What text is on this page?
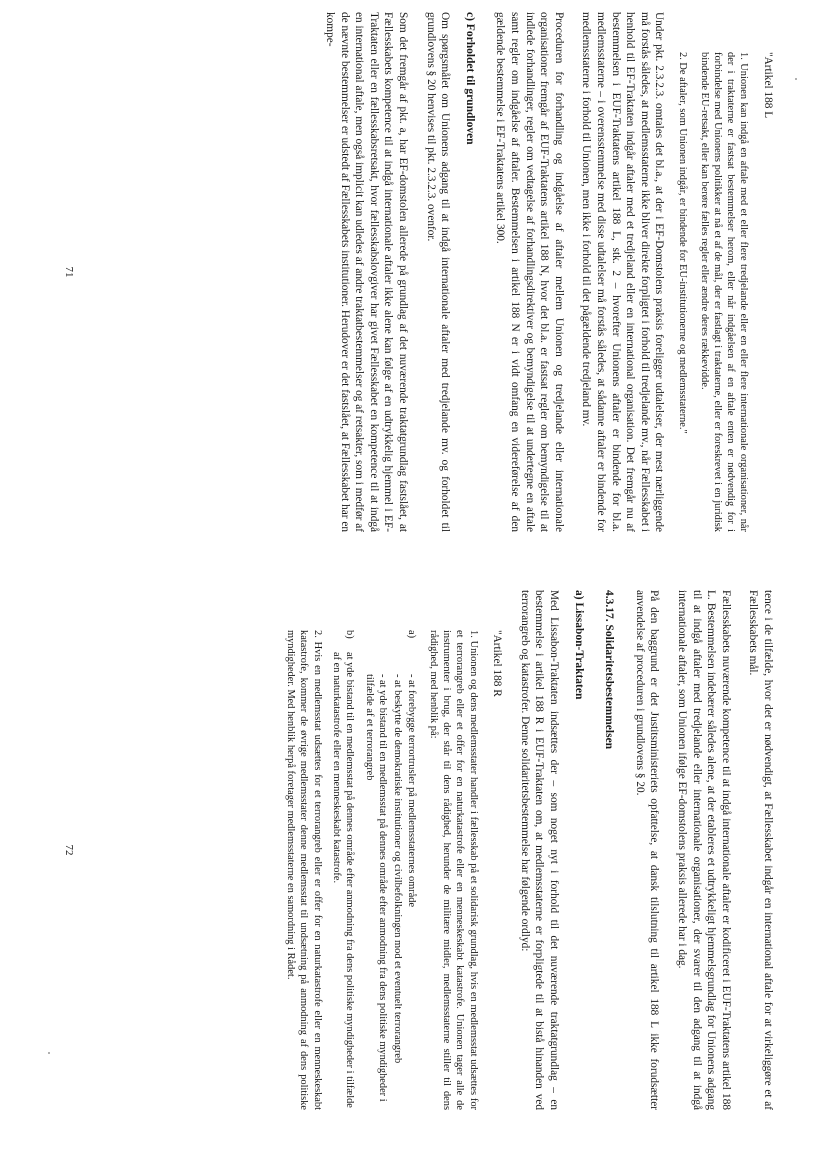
"Artikel 188 L

1. Unionen kan indgå en aftale med et eller flere tredjelande eller en eller flere internationale organisationer, når der i traktaterne er fastsat bestemmelser herom, eller når indgåelsen af en aftale enten er nødvendig for i forbindelse med Unionens politikker at nå et af de mål, der er fastlagt i traktaterne, eller er foreskrevet i en juridisk bindende EU-retsakt, eller kan berøre fælles regler eller ændre deres rækkevidde.

2. De aftaler, som Unionen indgår, er bindende for EU-institutionerne og medlemsstaterne."

Under pkt. 2.3.2.3. omtales det bl.a., at der i EF-Domstolens praksis foreligger udtalelser, der mest nærliggende må forstås således, at medlemsstaterne ikke bliver direkte forpligtet i forhold til tredjelande mv., når Fællesskabet i henhold til EF-Traktaten indgår aftaler med et tredjeland eller en international organisation. Det fremgår nu af bestemmelsen i EUF-Traktatens artikel 188 L, stk. 2 – hvorefter Unionens aftaler er bindende for bl.a. medlemsstaterne – i overensstemmelse med disse udtalelser må forstås således, at sådanne aftaler er bindende for medlemsstaterne i forhold til Unionen, men ikke i forhold til det pågældende tredjeland mv.

Proceduren for forhandling og indgåelse af aftaler mellem Unionen og tredjelande eller internationale organisationer fremgår af EUF-Traktatens artikel 188 N, hvor det bl.a. er fastsat regler om bemyndigelse til at indlede forhandlinger, regler om vedtagelse af forhandlingsdirektiver og bemyndigelse til at undertegne en aftale samt regler om indgåelse af aftaler. Bestemmelsen i artikel 188 N er i vidt omfang en videreførelse af den gældende bestemmelse i EF-Traktatens artikel 300.

c) Forholdet til grundloven

Om spørgsmålet om Unionens adgang til at indgå internationale aftaler med tredjelande mv. og forholdet til grundlovens § 20 henvises til pkt. 2.3.2.3. ovenfor.

Som det fremgår af pkt. a, har EF-domstolen allerede på grundlag af det nuværende traktatgrundlag fastslået, at Fællesskabets kompetence til at indgå internationale aftaler ikke alene kan følge af en udtrykkelig hjemmel i EF-Traktaten eller en fællesskabsretsakt, hvor fællesskabslovgiver har givet Fællesskabet en kompetence til at indgå en international aftale, men også implicit kan udledes af andre traktatbestemmelser og af retsakter, som i medfør af de nævnte bestemmelser er udstedt af Fællesskabets institutioner. Herudover er det fastslået, at Fællesskabet har en kompe-

71

tence i de tilfælde, hvor det er nødvendigt, at Fællesskabet indgår en international aftale for at virkeliggøre et af Fællesskabets mål.

Fællesskabets nuværende kompetence til at indgå internationale aftaler er kodificeret i EUF-Traktatens artikel 188 L. Bestemmelsen indebærer således alene, at der etableres et udtrykkeligt hjemmelsgrundlag for Unionens adgang til at indgå aftaler med tredjelande eller internationale organisationer, der svarer til den adgang til at indgå internationale aftaler, som Unionen ifølge EF-domstolens praksis allerede har i dag.

På den baggrund er det Justitsministeriets opfattelse, at dansk tilslutning til artikel 188 L ikke forudsætter anvendelse af proceduren i grundlovens § 20.

4.3.17. Solidaritetsbestemmelsen
a) Lissabon-Traktaten

Med Lissabon-Traktaten indsættes der – som noget nyt i forhold til det nuværende traktatgrundlag – en bestemmelse i artikel 188 R i EUF-Traktaten om, at medlemsstaterne er forpligtede til at bistå hinanden ved terrorangreb og katastrofer. Denne solidaritetsbestemmelse har følgende ordlyd:

"Artikel 188 R

1. Unionen og dens medlemsstater handler i fællesskab på et solidarisk grundlag, hvis en medlemsstat udsættes for et terrorangreb eller et offer for en naturkatastrofe eller en menneskeskabt katastrofe. Unionen tager alle de instrumenter i brug, der står til dens rådighed, herunder de militære midler, medlemsstaterne stiller til dens rådighed, med henblik på:

a)
- at forebygge terrortrusler på medlemsstaternes område
- at beskytte de demokratiske institutioner og civilbefolkningen mod et eventuelt terrorangreb
- at yde bistand til en medlemsstat på dennes område efter anmodning fra dens politiske myndigheder i tilfælde af et terrorangreb
b)
at yde bistand til en medlemsstat på dennes område efter anmodning fra dens politiske myndigheder i tilfælde af en naturkatastrofe eller en menneskeskabt katastrofe.

2. Hvis en medlemsstat udsættes for et terrorangreb eller er offer for en naturkatastrofe eller en menneskeskabt katastrofe, kommer de øvrige medlemsstater denne medlemsstat til undsætning på anmodning af dens politiske myndigheder. Med henblik herpå foretager medlemsstaterne en samordning i Rådet.

72
